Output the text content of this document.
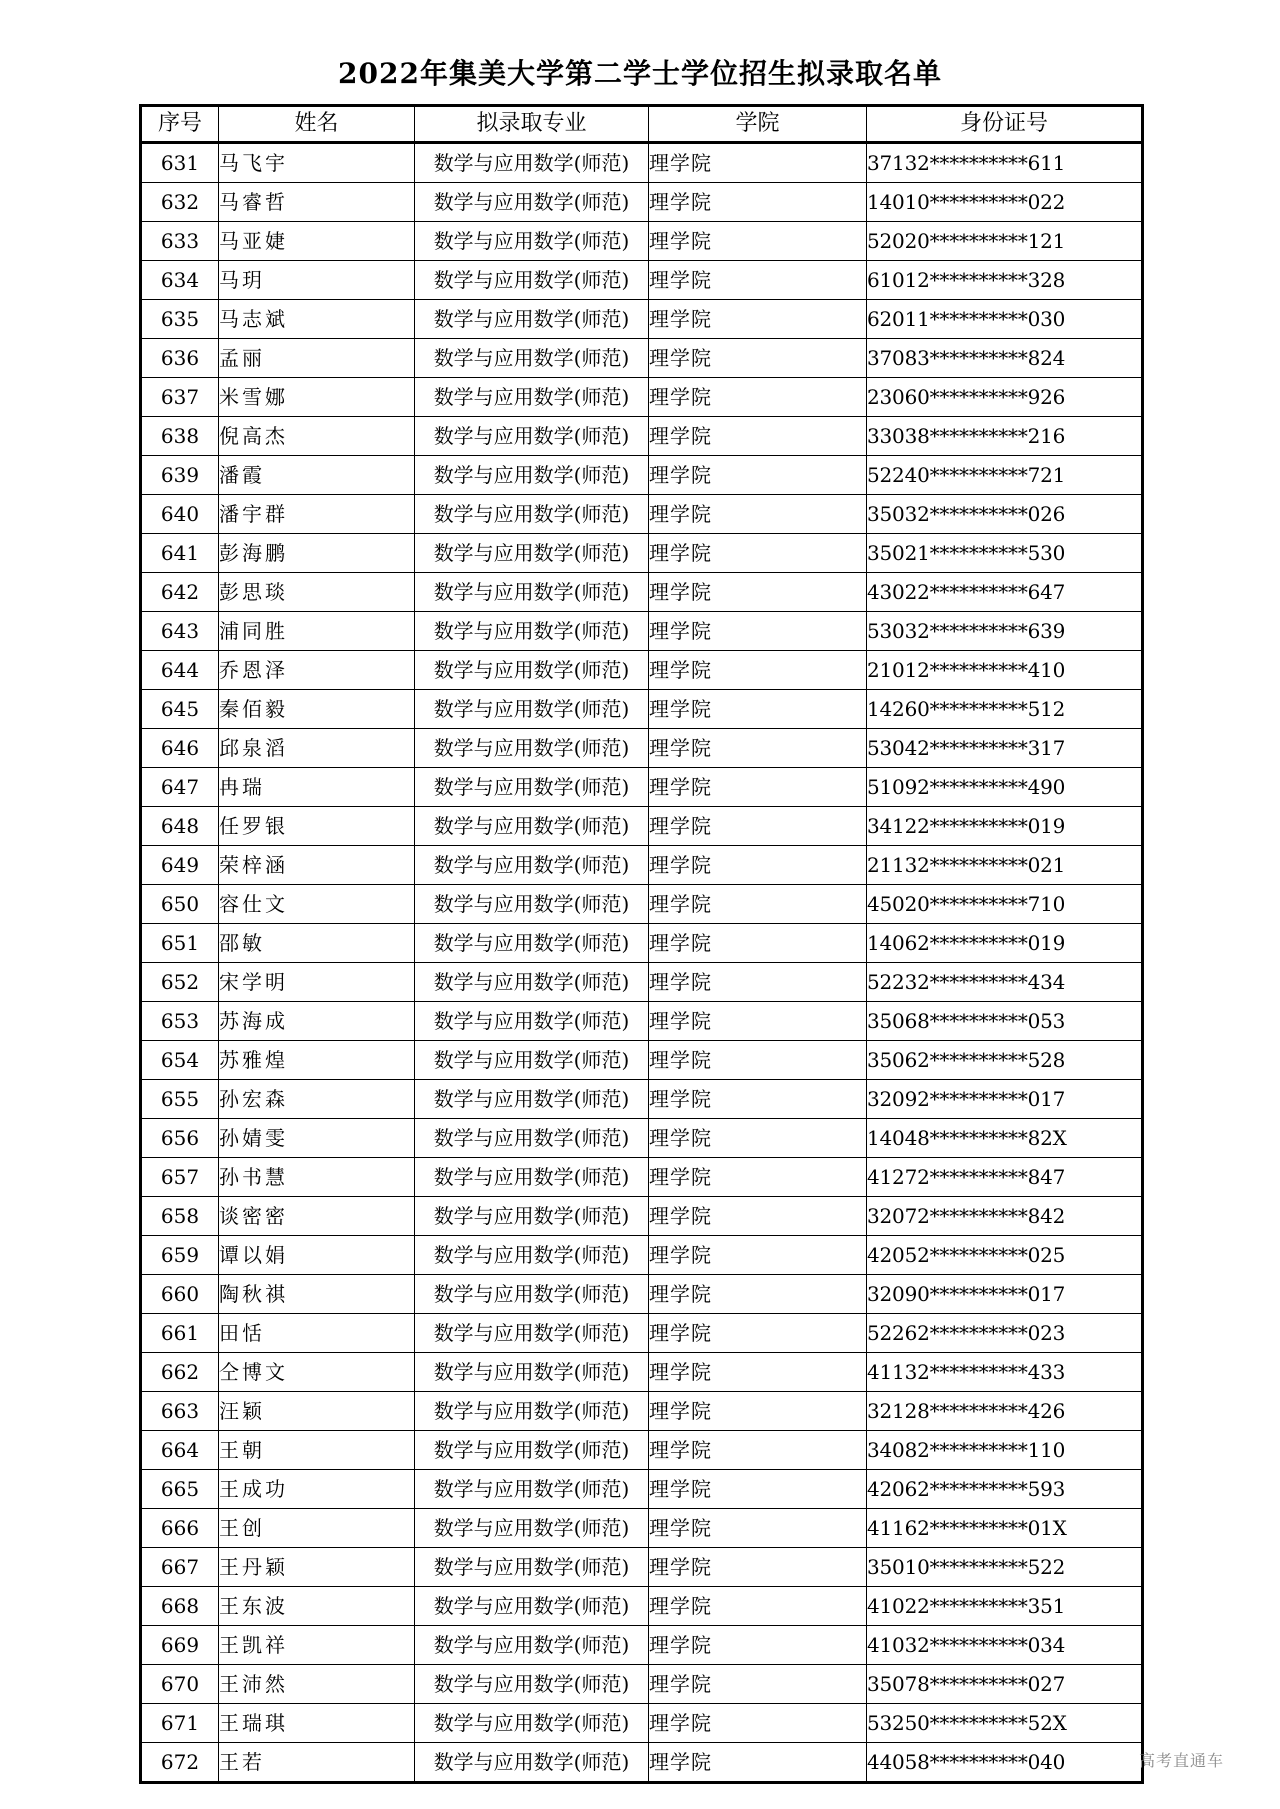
2022年集美大学第二学士学位招生拟录取名单
序号	姓名	拟录取专业	学院	身份证号
631	马飞宇	数学与应用数学(师范)	理学院	37132**********611
632	马睿哲	数学与应用数学(师范)	理学院	14010**********022
633	马亚婕	数学与应用数学(师范)	理学院	52020**********121
634	马玥	数学与应用数学(师范)	理学院	61012**********328
635	马志斌	数学与应用数学(师范)	理学院	62011**********030
636	孟丽	数学与应用数学(师范)	理学院	37083**********824
637	米雪娜	数学与应用数学(师范)	理学院	23060**********926
638	倪高杰	数学与应用数学(师范)	理学院	33038**********216
639	潘霞	数学与应用数学(师范)	理学院	52240**********721
640	潘宇群	数学与应用数学(师范)	理学院	35032**********026
641	彭海鹏	数学与应用数学(师范)	理学院	35021**********530
642	彭思琰	数学与应用数学(师范)	理学院	43022**********647
643	浦同胜	数学与应用数学(师范)	理学院	53032**********639
644	乔恩泽	数学与应用数学(师范)	理学院	21012**********410
645	秦佰毅	数学与应用数学(师范)	理学院	14260**********512
646	邱泉滔	数学与应用数学(师范)	理学院	53042**********317
647	冉瑞	数学与应用数学(师范)	理学院	51092**********490
648	任罗银	数学与应用数学(师范)	理学院	34122**********019
649	荣梓涵	数学与应用数学(师范)	理学院	21132**********021
650	容仕文	数学与应用数学(师范)	理学院	45020**********710
651	邵敏	数学与应用数学(师范)	理学院	14062**********019
652	宋学明	数学与应用数学(师范)	理学院	52232**********434
653	苏海成	数学与应用数学(师范)	理学院	35068**********053
654	苏雅煌	数学与应用数学(师范)	理学院	35062**********528
655	孙宏森	数学与应用数学(师范)	理学院	32092**********017
656	孙婧雯	数学与应用数学(师范)	理学院	14048**********82X
657	孙书慧	数学与应用数学(师范)	理学院	41272**********847
658	谈密密	数学与应用数学(师范)	理学院	32072**********842
659	谭以娟	数学与应用数学(师范)	理学院	42052**********025
660	陶秋祺	数学与应用数学(师范)	理学院	32090**********017
661	田恬	数学与应用数学(师范)	理学院	52262**********023
662	仝博文	数学与应用数学(师范)	理学院	41132**********433
663	汪颖	数学与应用数学(师范)	理学院	32128**********426
664	王朝	数学与应用数学(师范)	理学院	34082**********110
665	王成功	数学与应用数学(师范)	理学院	42062**********593
666	王创	数学与应用数学(师范)	理学院	41162**********01X
667	王丹颖	数学与应用数学(师范)	理学院	35010**********522
668	王东波	数学与应用数学(师范)	理学院	41022**********351
669	王凯祥	数学与应用数学(师范)	理学院	41032**********034
670	王沛然	数学与应用数学(师范)	理学院	35078**********027
671	王瑞琪	数学与应用数学(师范)	理学院	53250**********52X
672	王若	数学与应用数学(师范)	理学院	44058**********040	高考直通车
